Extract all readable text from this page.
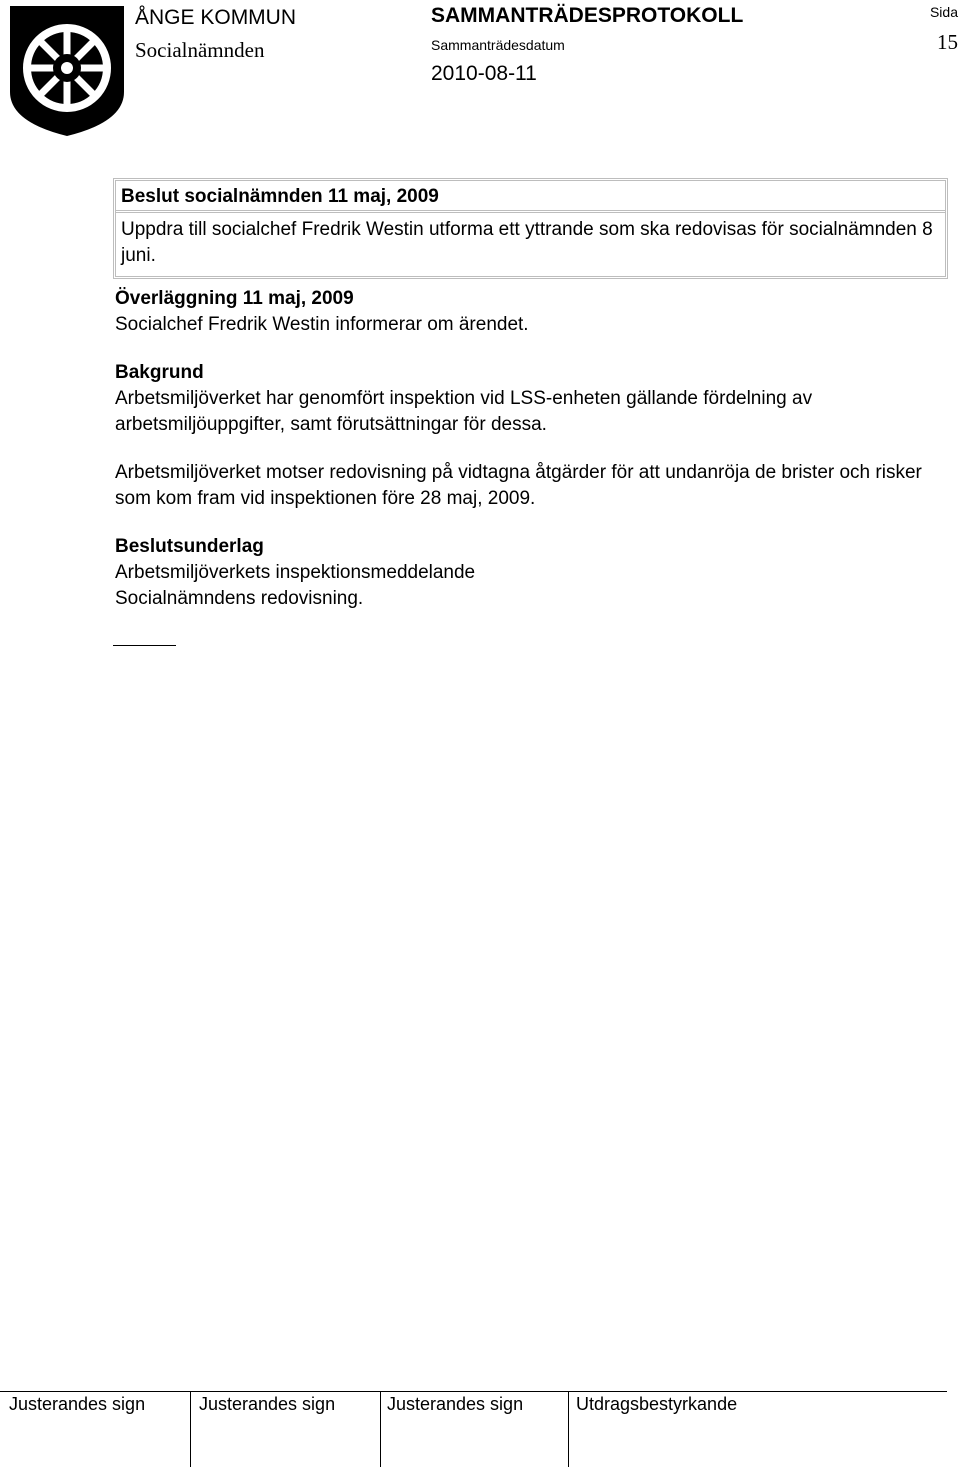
ÅNGE KOMMUN
Socialnämnden
SAMMANTRÄDESPROTOKOLL
Sammanträdesdatum
2010-08-11
Sida
15
Beslut socialnämnden 11 maj, 2009
Uppdra till socialchef Fredrik Westin utforma ett yttrande som ska redovisas för socialnämnden 8 juni.
Överläggning 11 maj, 2009

Socialchef Fredrik Westin informerar om ärendet.

Bakgrund

Arbetsmiljöverket har genomfört inspektion vid LSS-enheten gällande fördelning av arbetsmiljöuppgifter, samt förutsättningar för dessa.

Arbetsmiljöverket motser redovisning på vidtagna åtgärder för att undanröja de brister och risker som kom fram vid inspektionen före 28 maj, 2009.

Beslutsunderlag

Arbetsmiljöverkets inspektionsmeddelande

Socialnämndens redovisning.

Justerandes sign	Justerandes sign	Justerandes sign	Utdragsbestyrkande
